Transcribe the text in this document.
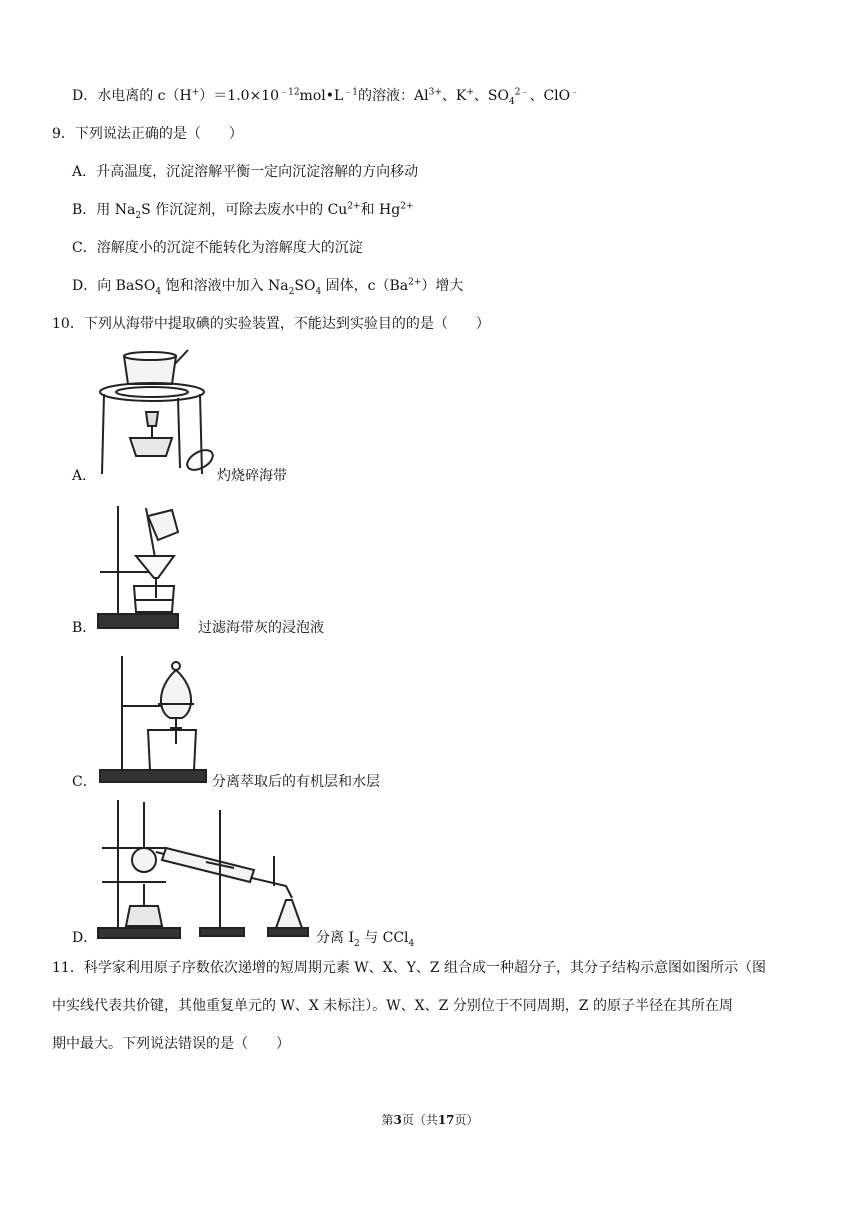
D．水电离的 $c(H^+)=1.0\times 10^{﹣12}mol•L^{﹣1}$的溶液：$Al^{3+}$、K+、$SO_4^{2﹣}$、ClO﹣
9．下列说法正确的是（　　）
A．升高温度，沉淀溶解平衡一定向沉淀溶解的方向移动
B．用 $Na_2S$ 作沉淀剂，可除去废水中的 $Cu^{2+}$和 $Hg^{2+}$
C．溶解度小的沉淀不能转化为溶解度大的沉淀
D．向 BaSO$_4$ 饱和溶液中加入 $Na_2SO_4$ 固体，$c(Ba^{2+})$增大
10．下列从海带中提取碘的实验装置，不能达到实验目的的是（　　）
A．	灼烧碎海带
B．	过滤海带灰的浸泡液
C．	分离萃取后的有机层和水层
D．	分离 $I_2$ 与 CCl$_4$
11．科学家利用原子序数依次递增的短周期元素 W、X、Y、Z 组合成一种超分子，其分子结构示意图如图所示（图
中实线代表共价键，其他重复单元的 W、X 未标注）。W、X、Z 分别位于不同周期，Z 的原子半径在其所在周
期中最大。下列说法错误的是（　　）
第3页（共17页）
